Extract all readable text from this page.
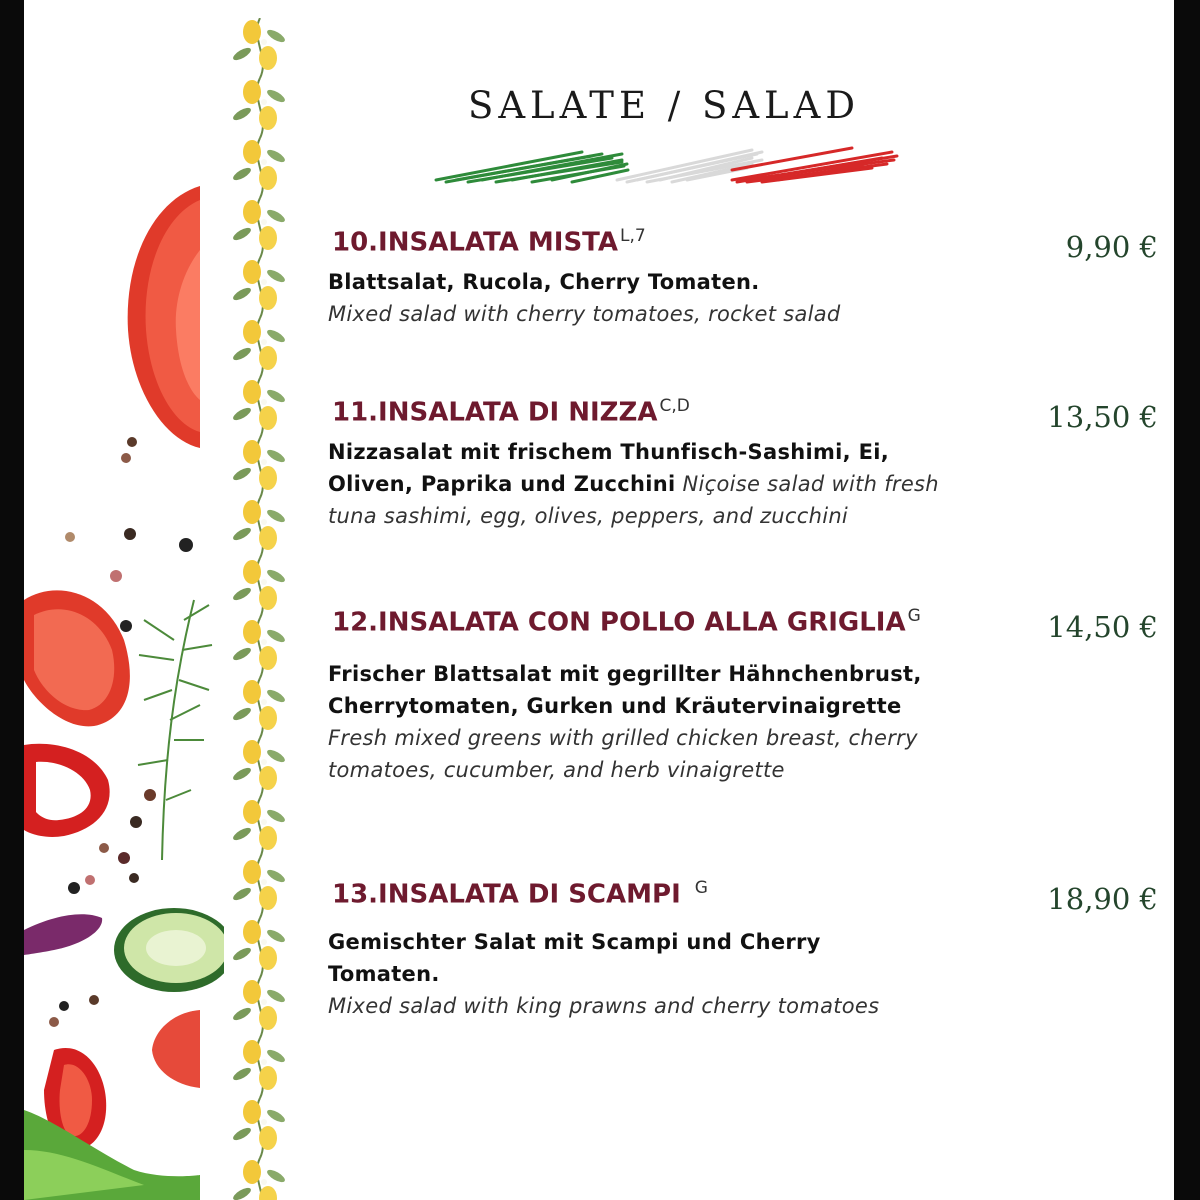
SALATE / SALAD
10.INSALATA MISTA $^{L,7}$	9,90 €
Blattsalat, Rucola, Cherry Tomaten.
Mixed salad with cherry tomatoes, rocket salad
11.INSALATA DI NIZZA $^{C,D}$	13,50 €
Nizzasalat mit frischem Thunfisch-Sashimi, Ei, Oliven, Paprika und Zucchini Niçoise salad with fresh tuna sashimi, egg, olives, peppers, and zucchini
12.INSALATA CON POLLO ALLA GRIGLIA $^G$	14,50 €
Frischer Blattsalat mit gegrillter Hähnchenbrust, Cherrytomaten, Gurken und Kräutervinaigrette
Fresh mixed greens with grilled chicken breast, cherry tomatoes, cucumber, and herb vinaigrette
13.INSALATA DI SCAMPI $^G$	18,90 €
Gemischter Salat mit Scampi und Cherry Tomaten.
Mixed salad with king prawns and cherry tomatoes
